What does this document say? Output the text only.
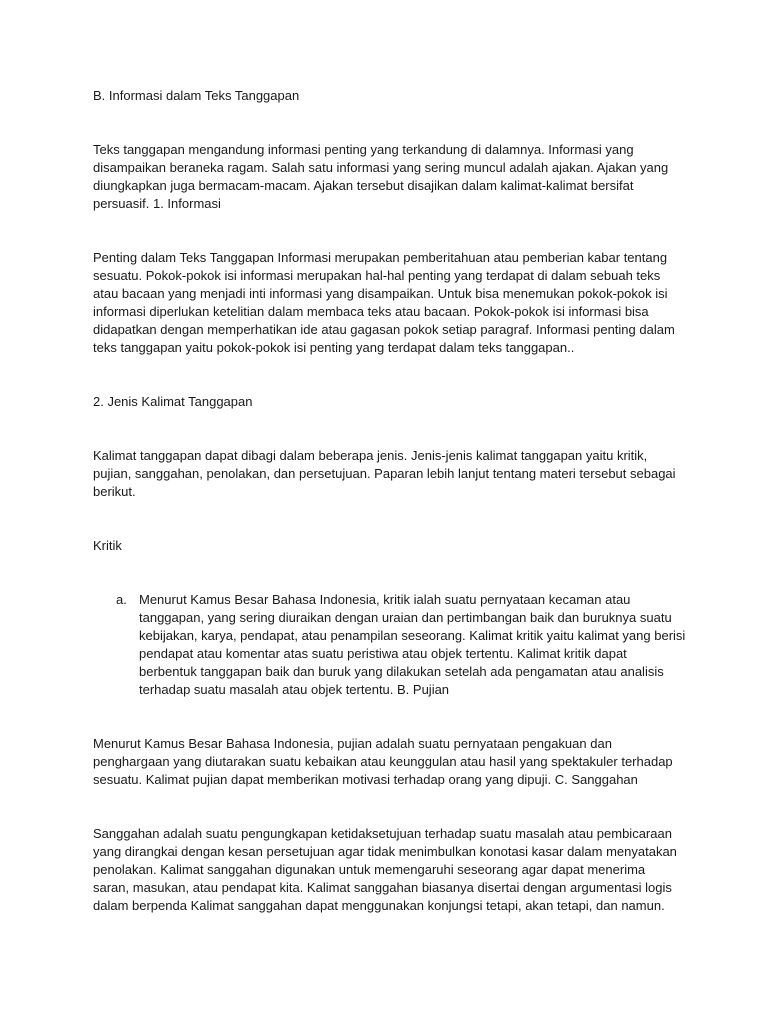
B. Informasi dalam Teks Tanggapan

Teks tanggapan mengandung informasi penting yang terkandung di dalamnya. Informasi yang disampaikan beraneka ragam. Salah satu informasi yang sering muncul adalah ajakan. Ajakan yang diungkapkan juga bermacam-macam. Ajakan tersebut disajikan dalam kalimat-kalimat bersifat persuasif. 1. Informasi

Penting dalam Teks Tanggapan Informasi merupakan pemberitahuan atau pemberian kabar tentang sesuatu. Pokok-pokok isi informasi merupakan hal-hal penting yang terdapat di dalam sebuah teks atau bacaan yang menjadi inti informasi yang disampaikan. Untuk bisa menemukan pokok-pokok isi informasi diperlukan ketelitian dalam membaca teks atau bacaan. Pokok-pokok isi informasi bisa didapatkan dengan memperhatikan ide atau gagasan pokok setiap paragraf. Informasi penting dalam teks tanggapan yaitu pokok-pokok isi penting yang terdapat dalam teks tanggapan..

2. Jenis Kalimat Tanggapan

Kalimat tanggapan dapat dibagi dalam beberapa jenis. Jenis-jenis kalimat tanggapan yaitu kritik, pujian, sanggahan, penolakan, dan persetujuan. Paparan lebih lanjut tentang materi tersebut sebagai berikut.

Kritik

a. Menurut Kamus Besar Bahasa Indonesia, kritik ialah suatu pernyataan kecaman atau tanggapan, yang sering diuraikan dengan uraian dan pertimbangan baik dan buruknya suatu kebijakan, karya, pendapat, atau penampilan seseorang. Kalimat kritik yaitu kalimat yang berisi pendapat atau komentar atas suatu peristiwa atau objek tertentu. Kalimat kritik dapat berbentuk tanggapan baik dan buruk yang dilakukan setelah ada pengamatan atau analisis terhadap suatu masalah atau objek tertentu. B. Pujian

Menurut Kamus Besar Bahasa Indonesia, pujian adalah suatu pernyataan pengakuan dan penghargaan yang diutarakan suatu kebaikan atau keunggulan atau hasil yang spektakuler terhadap sesuatu. Kalimat pujian dapat memberikan motivasi terhadap orang yang dipuji. C. Sanggahan

Sanggahan adalah suatu pengungkapan ketidaksetujuan terhadap suatu masalah atau pembicaraan yang dirangkai dengan kesan persetujuan agar tidak menimbulkan konotasi kasar dalam menyatakan penolakan. Kalimat sanggahan digunakan untuk memengaruhi seseorang agar dapat menerima saran, masukan, atau pendapat kita. Kalimat sanggahan biasanya disertai dengan argumentasi logis dalam berpenda Kalimat sanggahan dapat menggunakan konjungsi tetapi, akan tetapi, dan namun.
